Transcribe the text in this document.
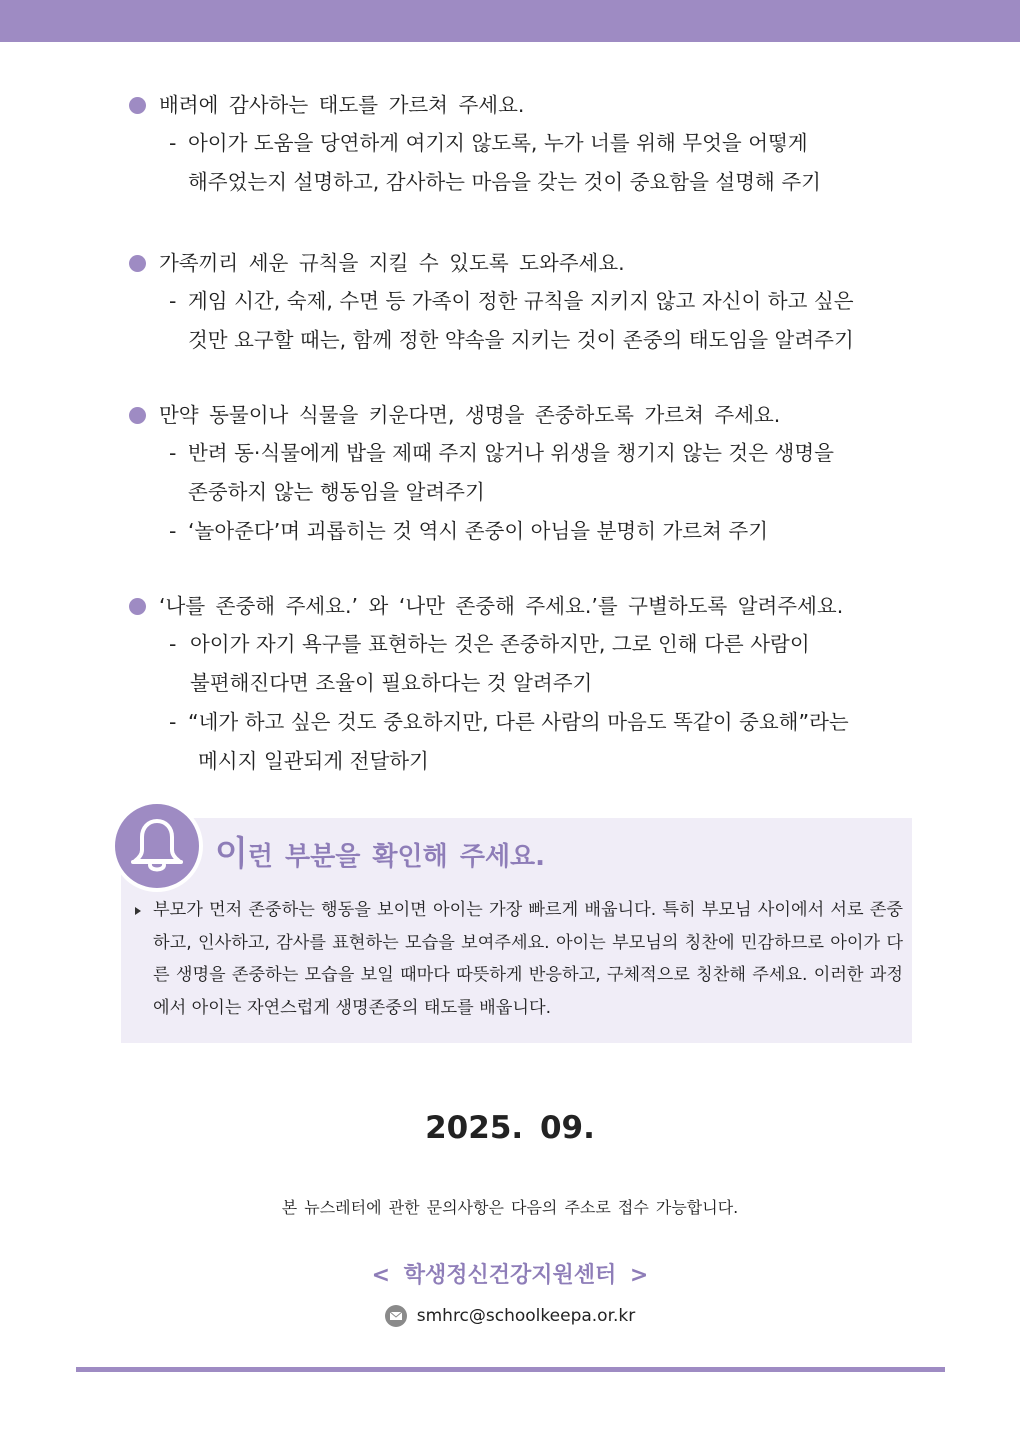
배려에 감사하는 태도를 가르쳐 주세요.
- 아이가 도움을 당연하게 여기지 않도록, 누가 너를 위해 무엇을 어떻게
해주었는지 설명하고, 감사하는 마음을 갖는 것이 중요함을 설명해 주기
가족끼리 세운 규칙을 지킬 수 있도록 도와주세요.
- 게임 시간, 숙제, 수면 등 가족이 정한 규칙을 지키지 않고 자신이 하고 싶은
것만 요구할 때는, 함께 정한 약속을 지키는 것이 존중의 태도임을 알려주기
만약 동물이나 식물을 키운다면, 생명을 존중하도록 가르쳐 주세요.
- 반려 동·식물에게 밥을 제때 주지 않거나 위생을 챙기지 않는 것은 생명을
존중하지 않는 행동임을 알려주기
- ‘놀아준다’며 괴롭히는 것 역시 존중이 아님을 분명히 가르쳐 주기
‘나를 존중해 주세요.’ 와 ‘나만 존중해 주세요.’를 구별하도록 알려주세요.
- 아이가 자기 욕구를 표현하는 것은 존중하지만, 그로 인해 다른 사람이
불편해진다면 조율이 필요하다는 것 알려주기
- “네가 하고 싶은 것도 중요하지만, 다른 사람의 마음도 똑같이 중요해”라는
메시지 일관되게 전달하기
이런 부분을 확인해 주세요.
부모가 먼저 존중하는 행동을 보이면 아이는 가장 빠르게 배웁니다. 특히 부모님 사이에서 서로 존중하고, 인사하고, 감사를 표현하는 모습을 보여주세요. 아이는 부모님의 칭찬에 민감하므로 아이가 다른 생명을 존중하는 모습을 보일 때마다 따뜻하게 반응하고, 구체적으로 칭찬해 주세요. 이러한 과정에서 아이는 자연스럽게 생명존중의 태도를 배웁니다.
2025. 09.
본 뉴스레터에 관한 문의사항은 다음의 주소로 접수 가능합니다.
< 학생정신건강지원센터 >
smhrc@schoolkeepa.or.kr
